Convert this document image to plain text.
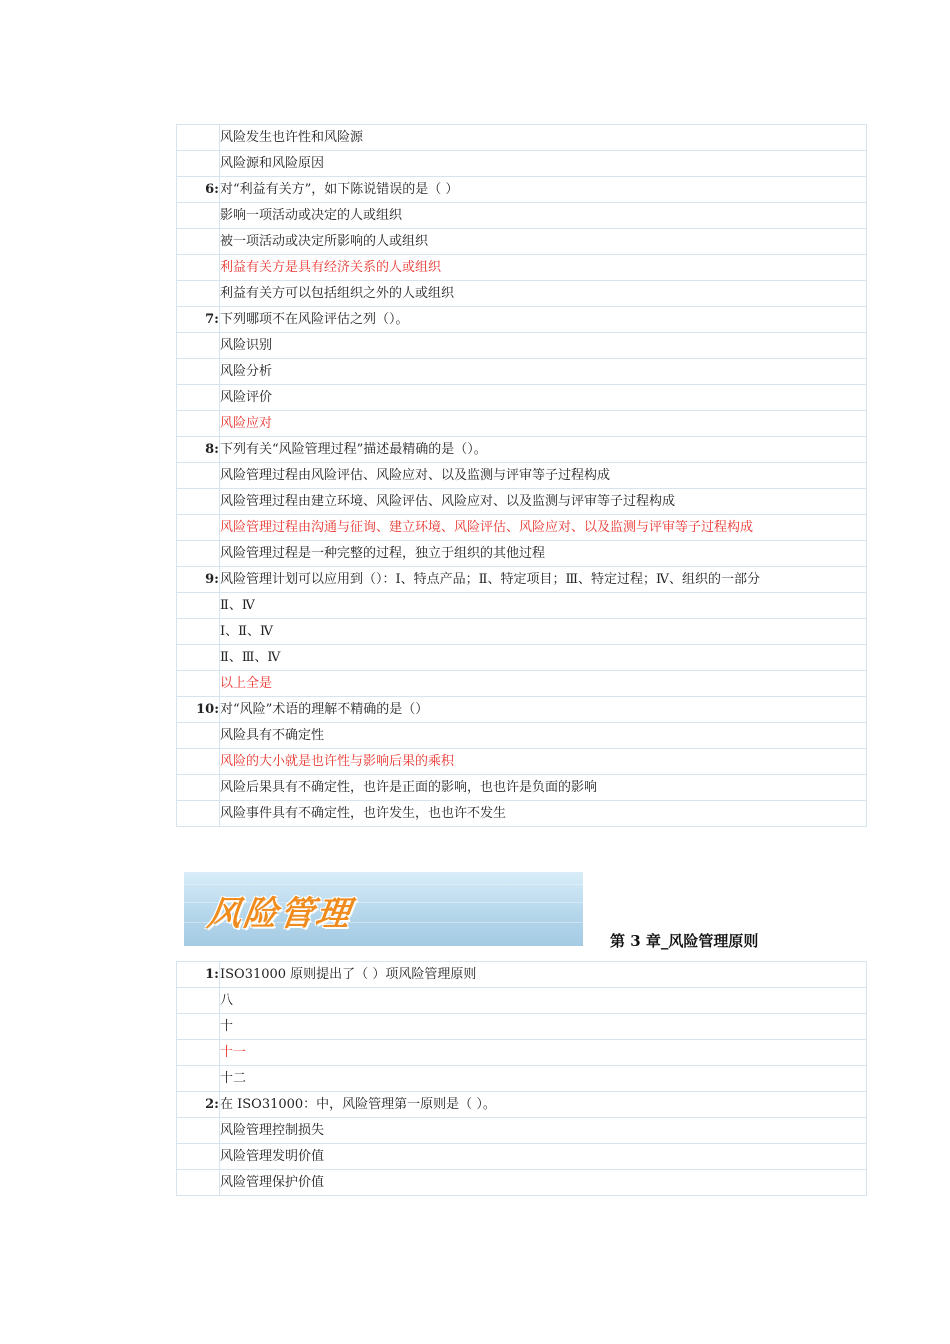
	风险发生也许性和风险源
	风险源和风险原因
6:	对“利益有关方”，如下陈说错误的是（ ）
	影响一项活动或决定的人或组织
	被一项活动或决定所影响的人或组织
	利益有关方是具有经济关系的人或组织
	利益有关方可以包括组织之外的人或组织
7:	下列哪项不在风险评估之列（）。
	风险识别
	风险分析
	风险评价
	风险应对
8:	下列有关“风险管理过程”描述最精确的是（）。
	风险管理过程由风险评估、风险应对、以及监测与评审等子过程构成
	风险管理过程由建立环境、风险评估、风险应对、以及监测与评审等子过程构成
	风险管理过程由沟通与征询、建立环境、风险评估、风险应对、以及监测与评审等子过程构成
	风险管理过程是一种完整的过程，独立于组织的其他过程
9:	风险管理计划可以应用到（）：Ⅰ、特点产品；Ⅱ、特定项目；Ⅲ、特定过程；Ⅳ、组织的一部分
	Ⅱ、Ⅳ
	Ⅰ、Ⅱ、Ⅳ
	Ⅱ、Ⅲ、Ⅳ
	以上全是
10:	对“风险”术语的理解不精确的是（）
	风险具有不确定性
	风险的大小就是也许性与影响后果的乘积
	风险后果具有不确定性，也许是正面的影响，也也许是负面的影响
	风险事件具有不确定性，也许发生，也也许不发生
风险管理
第 3 章_风险管理原则
1:	ISO31000 原则提出了（ ）项风险管理原则
	八
	十
	十一
	十二
2:	在 ISO31000：中，风险管理第一原则是（ ）。
	风险管理控制损失
	风险管理发明价值
	风险管理保护价值
